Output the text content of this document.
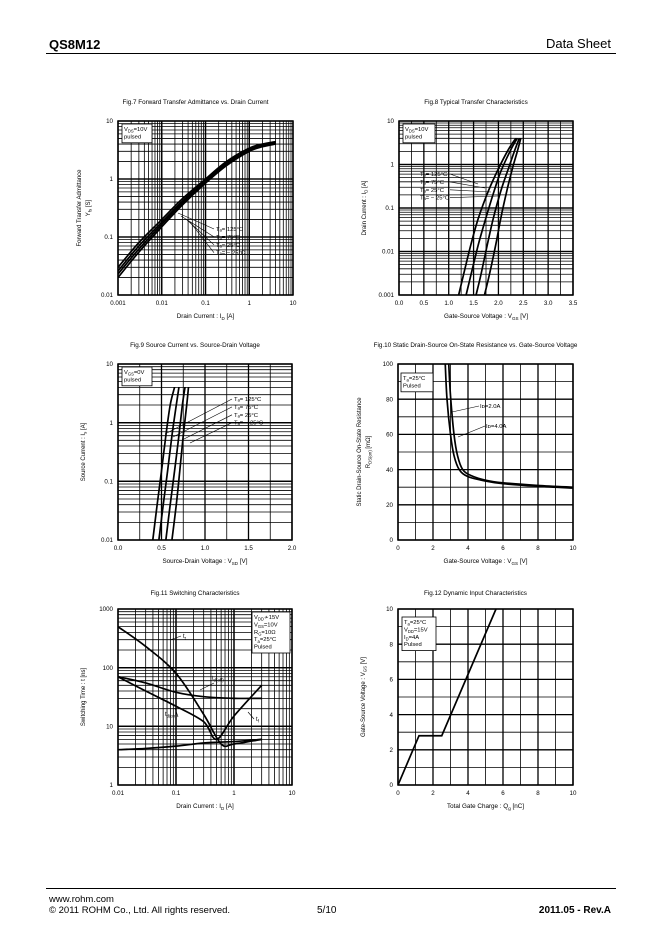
QS8M12	Data Sheet
Fig.7 Forward Transfer Admittance vs. Drain Current
0.001	0.01	0.1	1	10
0.01
0.1
1
10
Drain Current : $I_D$ [A]
Forward Transfer Admittance $Y_{fs}$ [S]
$V_{DS}=10V$
pulsed
Tₐ= 125°C
Tₐ= 75°C
Tₐ= 25°C
Tₐ= − 25°C
Fig.8 Typical Transfer Characteristics
0.0	0.5	1.0	1.5	2.0	2.5	3.0	3.5
0.001
0.01
0.1
1
10
Gate-Source Voltage : $V_{GS}$ [V]
Drain Current : $I_D$ [A]
$V_{DS}=10V$
pulsed
Tₐ= 125°C
Tₐ= 75°C
Tₐ= 25°C
Tₐ= − 25°C
Fig.9 Source Current vs. Source-Drain Voltage
0.0	0.5	1.0	1.5	2.0
0.01
0.1
1
10
Source-Drain Voltage : $V_{SD}$ [V]
Source Current : $I_s$ [A]
$V_{GS}=0V$
pulsed
Tₐ= 125°C
Tₐ= 75°C
Tₐ= 25°C
Tₐ= − 25°C
Fig.10 Static Drain-Source On-State Resistance vs. Gate-Source Voltage
0	2	4	6	8	10
0
20
40
60
80
100
Gate-Source Voltage : $V_{GS}$ [V]
Static Drain-Source On-State Resistance $R_{DS(on)}$ [mΩ]
$T_a=25^\circ C$
Pulsed
Iᴅ=2.0A
Iᴅ=4.0A
Fig.11 Switching Characteristics
0.01	0.1	1	10
1
10
100
1000
Drain Current : $I_D$ [A]
Switching Time : t [ns]
$V_{DD}≁15V$
$V_{GS}=10V$
$R_G=10\Omega$
$T_a=25^\circ C$
Pulsed
$t_r$
$t_{d(off)}$
$t_{d(on)}$
$t_f$
Fig.12 Dynamic Input Characteristics
0	2	4	6	8	10
0
2
4
6
8
10
Total Gate Charge : $Q_g$ [nC]
Gate-Source Voltage : $V_{GS}$ [V]
$T_a=25^\circ C$
$V_{DD}=15V$
$I_D=4A$
Pulsed
www.rohm.com
© 2011 ROHM Co., Ltd. All rights reserved.	5/10	2011.05 - Rev.A
